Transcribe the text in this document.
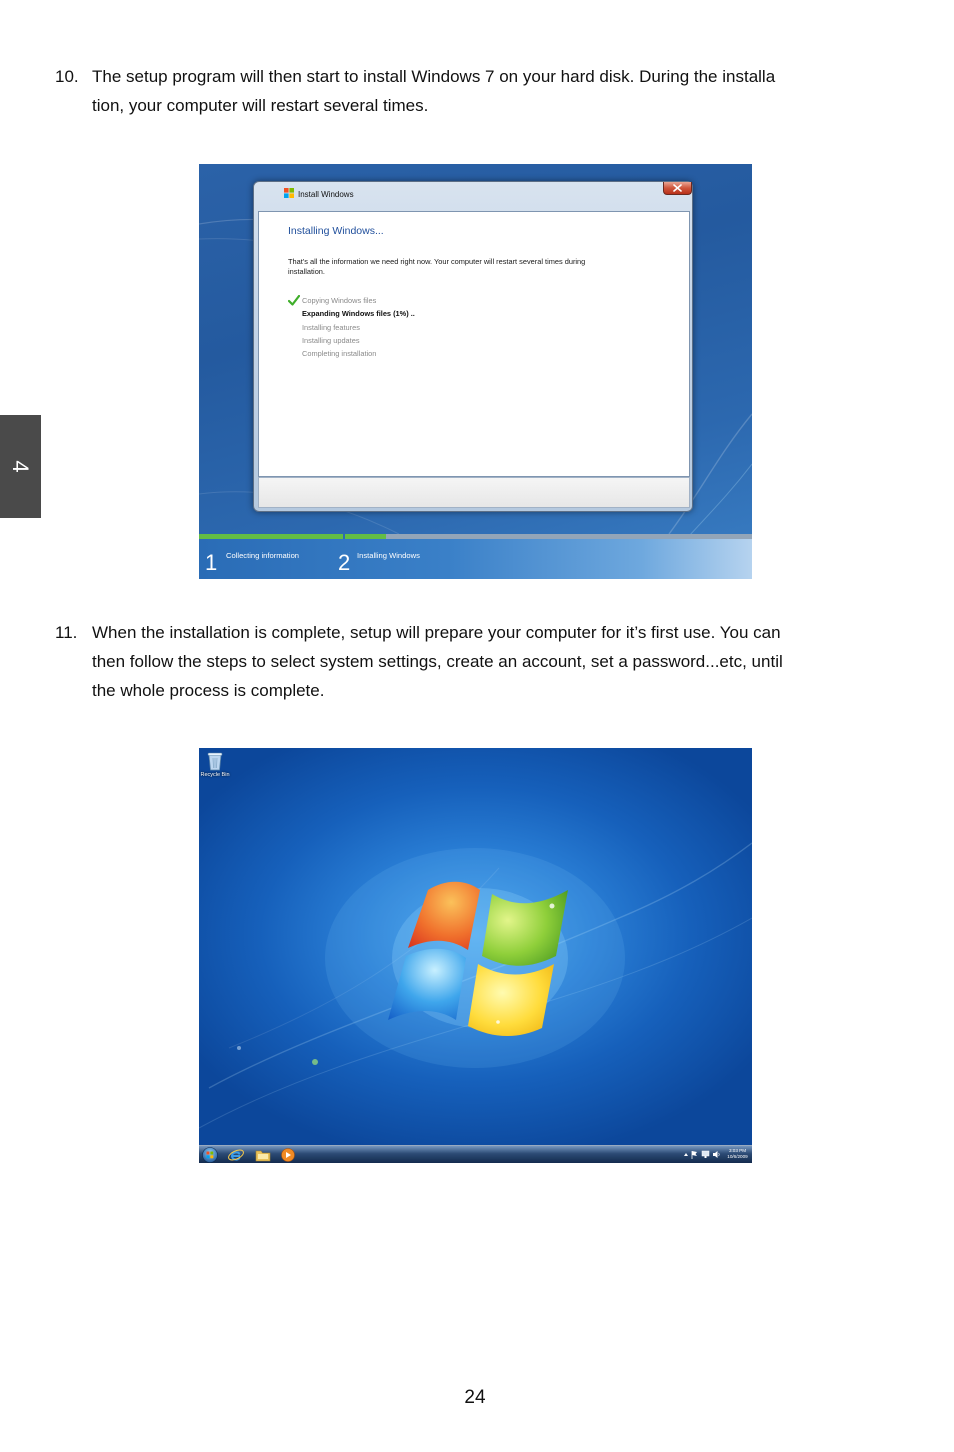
10. The setup program will then start to install Windows 7 on your hard disk. During the installa
tion, your computer will restart several times.
Install Windows
Installing Windows...
That’s all the information we need right now. Your computer will restart several times during
installation.
Copying Windows files
Expanding Windows files (1%) ..
Installing features
Installing updates
Completing installation
1 Collecting information 2 Installing Windows
11. When the installation is complete, setup will prepare your computer for it’s first use. You can
then follow the steps to select system settings, create an account, set a password...etc, until
the whole process is complete.
Recycle Bin
3:03 PM
10/6/2009
4
24
